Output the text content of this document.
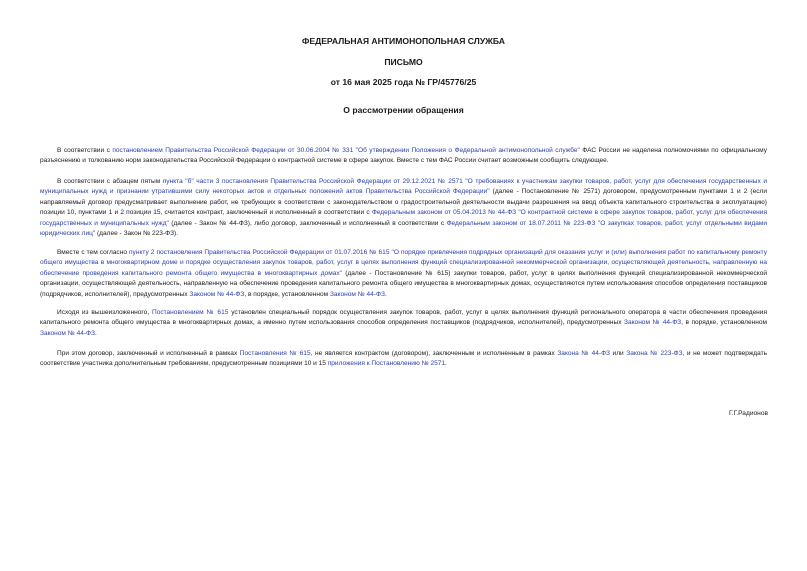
ФЕДЕРАЛЬНАЯ АНТИМОНОПОЛЬНАЯ СЛУЖБА
ПИСЬМО
от 16 мая 2025 года № ГР/45776/25
О рассмотрении обращения

В соответствии с постановлением Правительства Российской Федерации от 30.06.2004 № 331 "Об утверждении Положения о Федеральной антимонопольной службе" ФАС России не наделена полномочиями по официальному разъяснению и толкованию норм законодательства Российской Федерации о контрактной системе в сфере закупок. Вместе с тем ФАС России считает возможным сообщить следующее.

В соответствии с абзацем пятым пункта "б" части 3 постановления Правительства Российской Федерации от 29.12.2021 № 2571 "О требованиях к участникам закупки товаров, работ, услуг для обеспечения государственных и муниципальных нужд и признании утратившими силу некоторых актов и отдельных положений актов Правительства Российской Федерации" (далее - Постановление № 2571) договором, предусмотренным пунктами 1 и 2 (если направляемый договор предусматривает выполнение работ, не требующих в соответствии с законодательством о градостроительной деятельности выдачи разрешения на ввод объекта капитального строительства в эксплуатацию) позиции 10, пунктами 1 и 2 позиции 15, считается контракт, заключенный и исполненный в соответствии с Федеральным законом от 05.04.2013 № 44-ФЗ "О контрактной системе в сфере закупок товаров, работ, услуг для обеспечения государственных и муниципальных нужд" (далее - Закон № 44-ФЗ), либо договор, заключенный и исполненный в соответствии с Федеральным законом от 18.07.2011 № 223-ФЗ "О закупках товаров, работ, услуг отдельными видами юридических лиц" (далее - Закон № 223-ФЗ).

Вместе с тем согласно пункту 2 постановления Правительства Российской Федерации от 01.07.2016 № 615 "О порядке привлечения подрядных организаций для оказания услуг и (или) выполнения работ по капитальному ремонту общего имущества в многоквартирном доме и порядке осуществления закупок товаров, работ, услуг в целях выполнения функций специализированной некоммерческой организации, осуществляющей деятельность, направленную на обеспечение проведения капитального ремонта общего имущества в многоквартирных домах" (далее - Постановление № 615) закупки товаров, работ, услуг в целях выполнения функций специализированной некоммерческой организации, осуществляющей деятельность, направленную на обеспечение проведения капитального ремонта общего имущества в многоквартирных домах, осуществляются путем использования способов определения поставщиков (подрядчиков, исполнителей), предусмотренных Законом № 44-ФЗ, в порядке, установленном Законом № 44-ФЗ.

Исходя из вышеизложенного, Постановлением № 615 установлен специальный порядок осуществления закупок товаров, работ, услуг в целях выполнения функций регионального оператора в части обеспечения проведения капитального ремонта общего имущества в многоквартирных домах, а именно путем использования способов определения поставщиков (подрядчиков, исполнителей), предусмотренных Законом № 44-ФЗ, в порядке, установленном Законом № 44-ФЗ.

При этом договор, заключенный и исполненный в рамках Постановления № 615, не является контрактом (договором), заключенным и исполненным в рамках Закона № 44-ФЗ или Закона № 223-ФЗ, и не может подтверждать соответствие участника дополнительным требованиям, предусмотренным позициями 10 и 15 приложения к Постановлению № 2571.

Г.Г.Радионов
